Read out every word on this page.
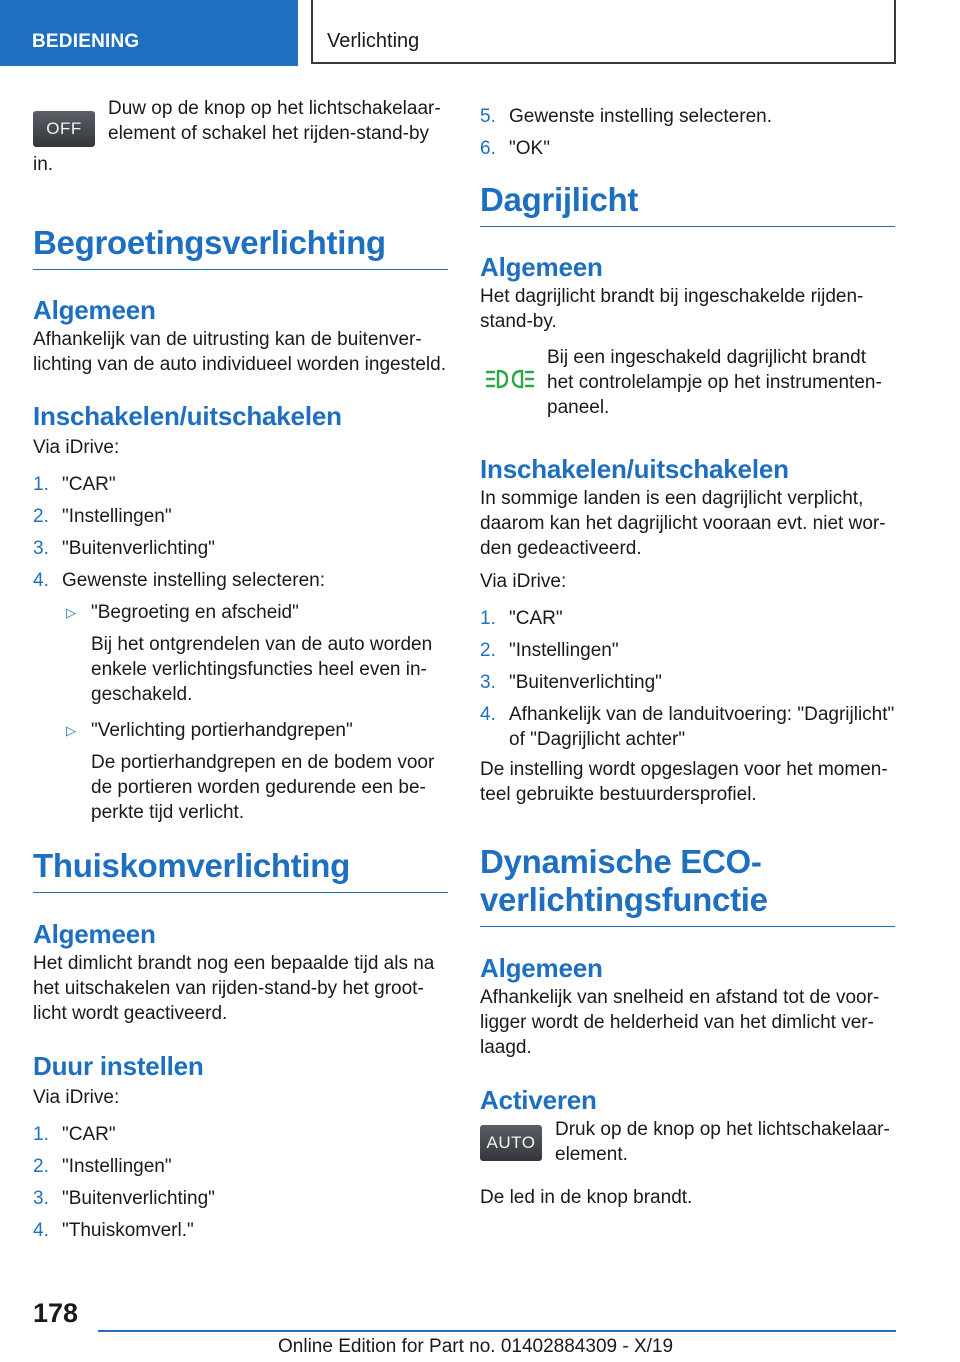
BEDIENING	Verlichting
OFF
Duw op de knop op het lichtschakelaar-
element of schakel het rijden-stand-by
in.
Begroetingsverlichting
Algemeen
Afhankelijk van de uitrusting kan de buitenverlichting van de auto individueel worden ingesteld.
Inschakelen/uitschakelen
Via iDrive:
1. "CAR"
2. "Instellingen"
3. "Buitenverlichting"
4. Gewenste instelling selecteren:
▷ "Begroeting en afscheid"
Bij het ontgrendelen van de auto worden enkele verlichtingsfuncties heel even ingeschakeld.
▷ "Verlichting portierhandgrepen"
De portierhandgrepen en de bodem voor de portieren worden gedurende een beperkte tijd verlicht.
Thuiskomverlichting
Algemeen
Het dimlicht brandt nog een bepaalde tijd als na het uitschakelen van rijden-stand-by het grootlicht wordt geactiveerd.
Duur instellen
Via iDrive:
1. "CAR"
2. "Instellingen"
3. "Buitenverlichting"
4. "Thuiskomverl."
5. Gewenste instelling selecteren.
6. "OK"
Dagrijlicht
Algemeen
Het dagrijlicht brandt bij ingeschakelde rijden-stand-by.
Bij een ingeschakeld dagrijlicht brandt het controlelampje op het instrumentenpaneel.
Inschakelen/uitschakelen
In sommige landen is een dagrijlicht verplicht, daarom kan het dagrijlicht vooraan evt. niet worden gedeactiveerd.
Via iDrive:
1. "CAR"
2. "Instellingen"
3. "Buitenverlichting"
4. Afhankelijk van de landuitvoering: "Dagrijlicht" of "Dagrijlicht achter"
De instelling wordt opgeslagen voor het momenteel gebruikte bestuurdersprofiel.
Dynamische ECO-verlichtingsfunctie
Algemeen
Afhankelijk van snelheid en afstand tot de voorligger wordt de helderheid van het dimlicht verlaagd.
Activeren
AUTO
Druk op de knop op het lichtschakelaarelement.
De led in de knop brandt.
178
Online Edition for Part no. 01402884309 - X/19
